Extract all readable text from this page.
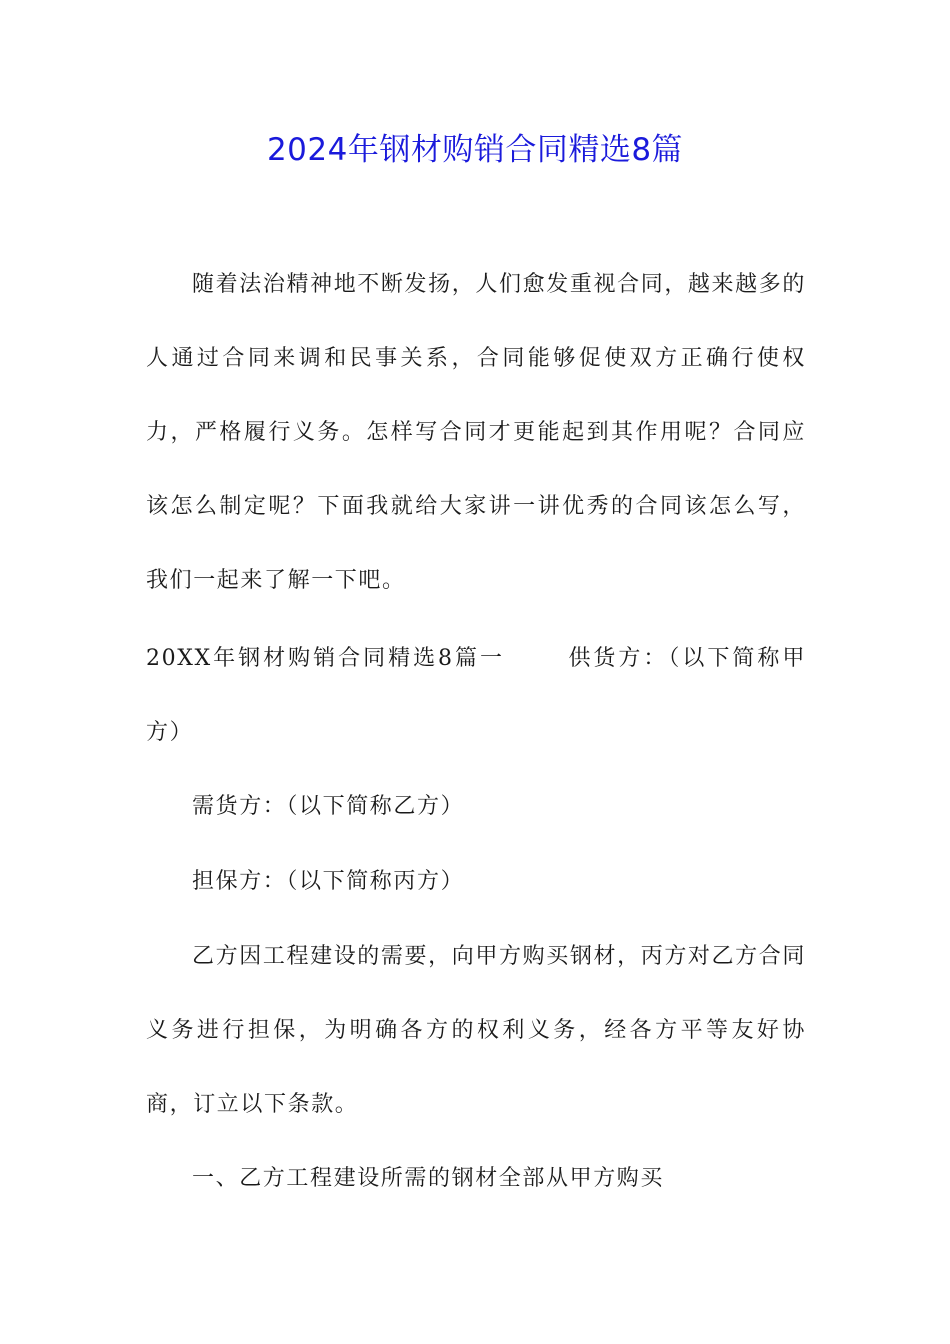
2024年钢材购销合同精选8篇

随着法治精神地不断发扬，人们愈发重视合同，越来越多的人通过合同来调和民事关系，合同能够促使双方正确行使权力，严格履行义务。怎样写合同才更能起到其作用呢？合同应该怎么制定呢？下面我就给大家讲一讲优秀的合同该怎么写，我们一起来了解一下吧。

20XX年钢材购销合同精选8篇一	供货方：（以下简称甲方）

需货方：（以下简称乙方）

担保方：（以下简称丙方）

乙方因工程建设的需要，向甲方购买钢材，丙方对乙方合同义务进行担保，为明确各方的权利义务，经各方平等友好协商，订立以下条款。

一、乙方工程建设所需的钢材全部从甲方购买
